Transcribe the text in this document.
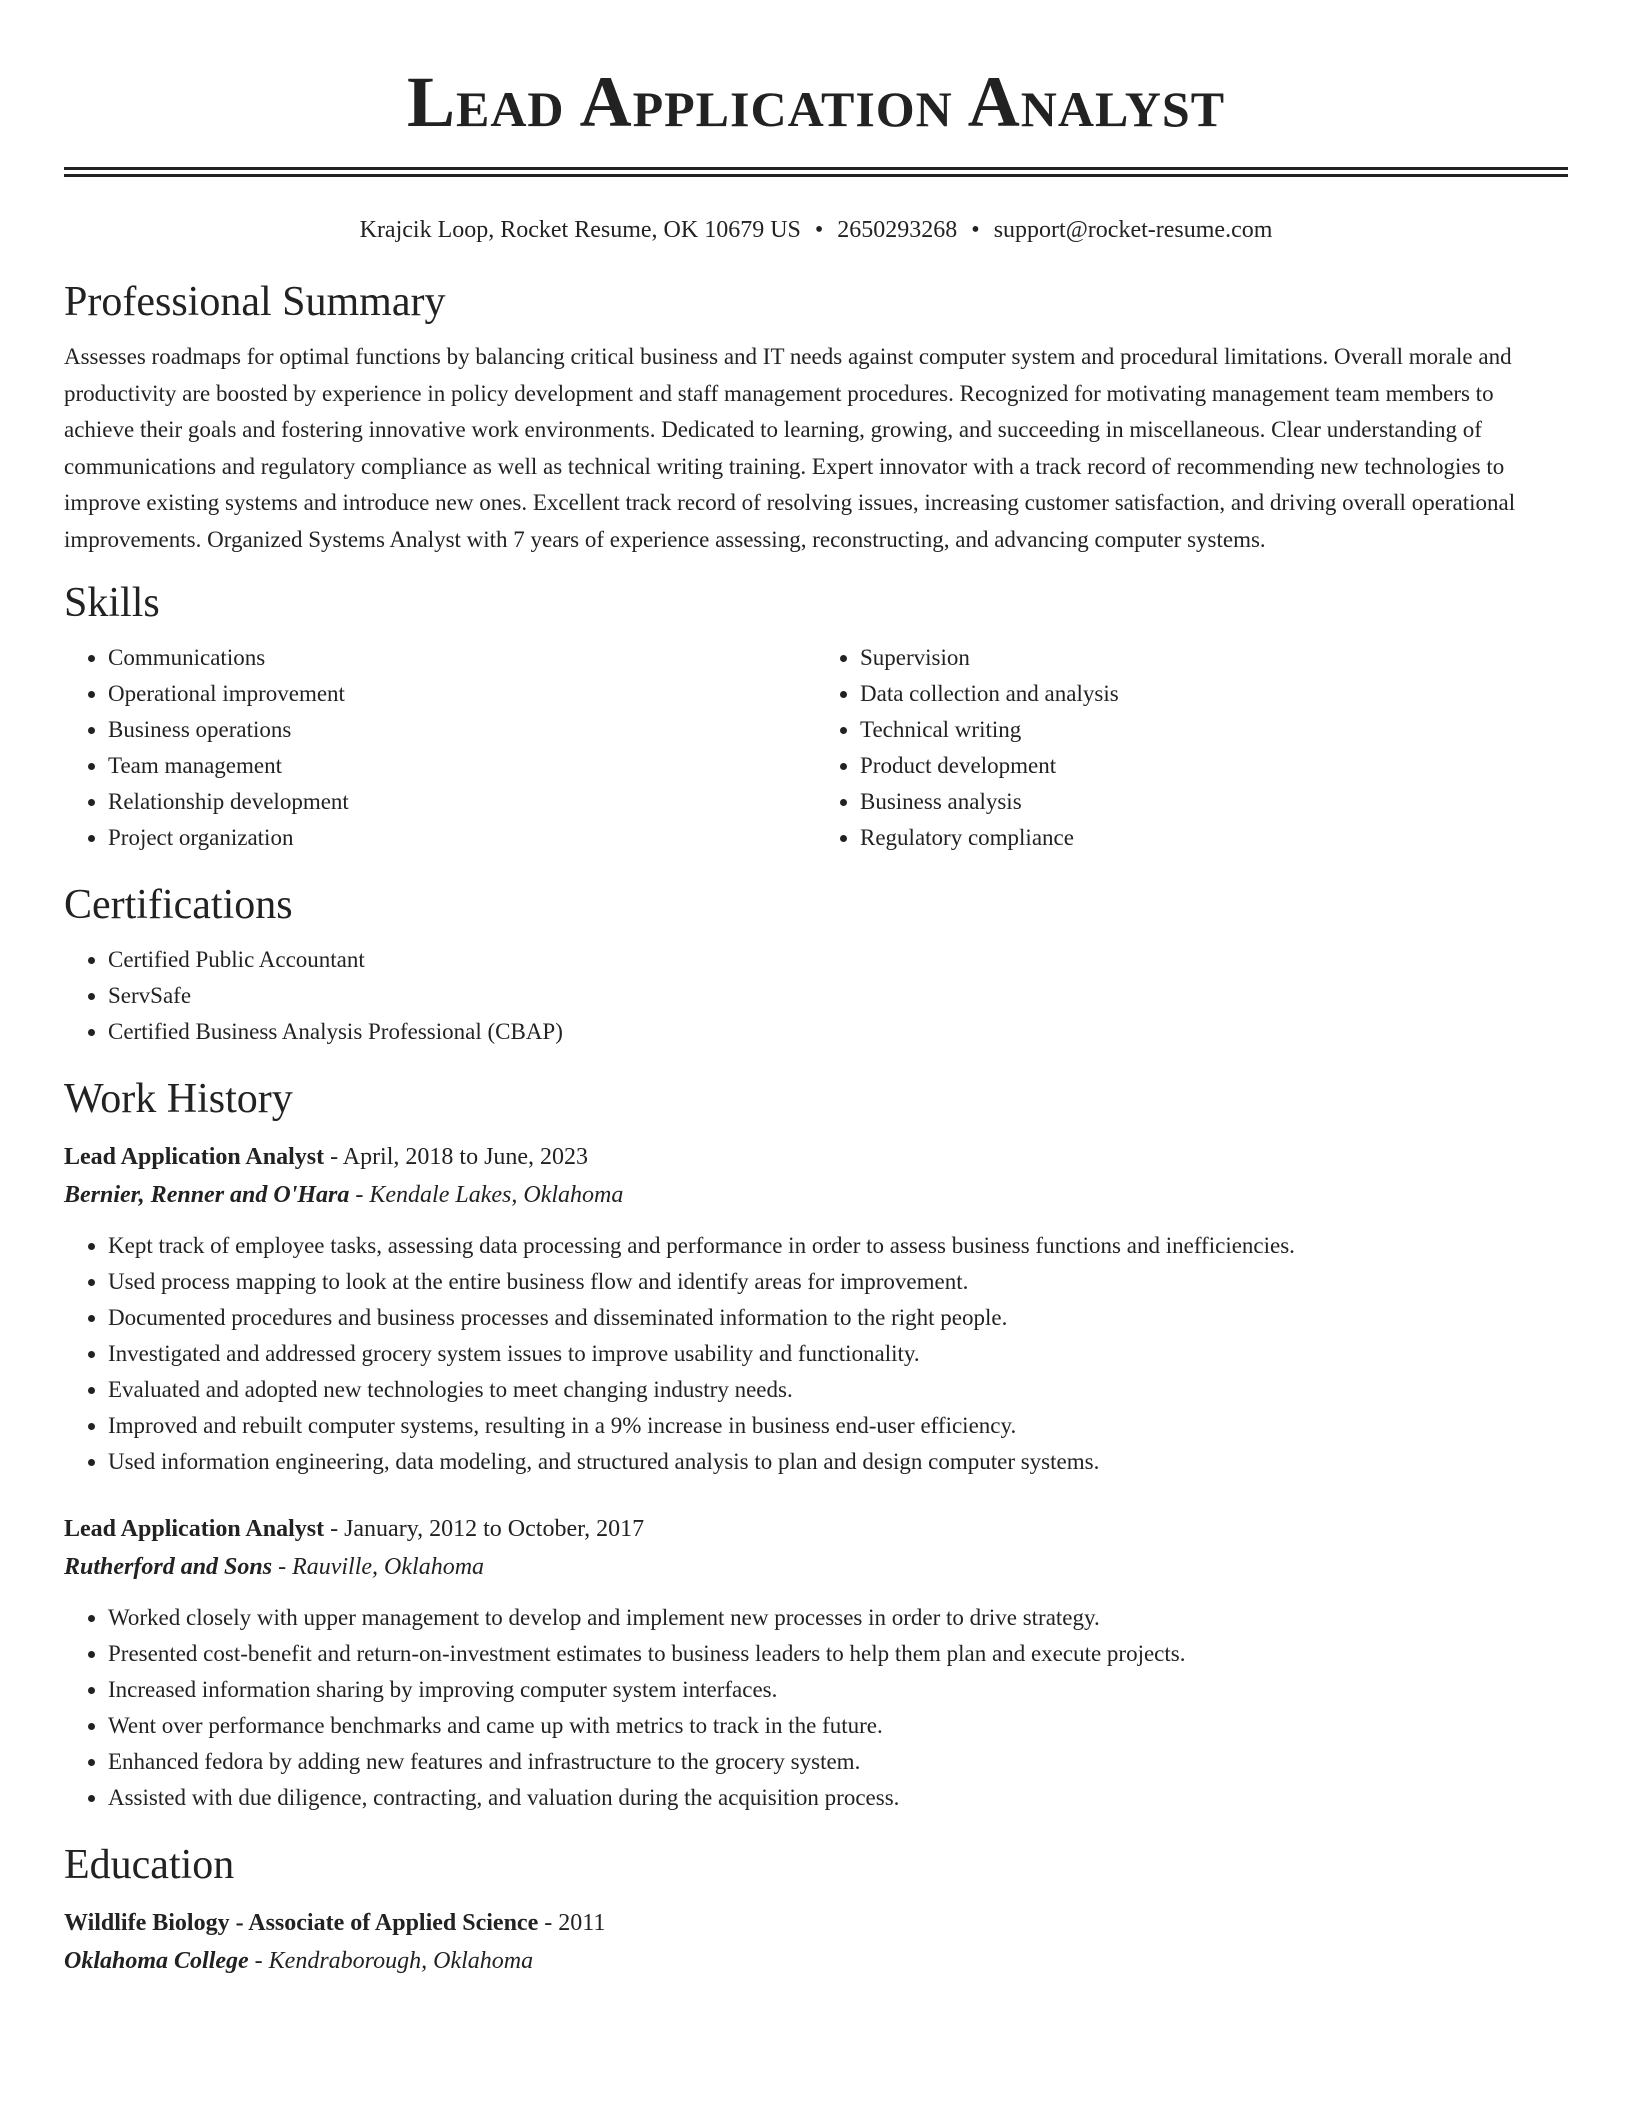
Lead Application Analyst
Krajcik Loop, Rocket Resume, OK 10679 US • 2650293268 • support@rocket-resume.com
Professional Summary

Assesses roadmaps for optimal functions by balancing critical business and IT needs against computer system and procedural limitations. Overall morale and productivity are boosted by experience in policy development and staff management procedures. Recognized for motivating management team members to achieve their goals and fostering innovative work environments. Dedicated to learning, growing, and succeeding in miscellaneous. Clear understanding of communications and regulatory compliance as well as technical writing training. Expert innovator with a track record of recommending new technologies to improve existing systems and introduce new ones. Excellent track record of resolving issues, increasing customer satisfaction, and driving overall operational improvements. Organized Systems Analyst with 7 years of experience assessing, reconstructing, and advancing computer systems.

Skills
• Communications
• Operational improvement
• Business operations
• Team management
• Relationship development
• Project organization
• Supervision
• Data collection and analysis
• Technical writing
• Product development
• Business analysis
• Regulatory compliance
Certifications
• Certified Public Accountant
• ServSafe
• Certified Business Analysis Professional (CBAP)
Work History
Lead Application Analyst - April, 2018 to June, 2023
Bernier, Renner and O'Hara - Kendale Lakes, Oklahoma
• Kept track of employee tasks, assessing data processing and performance in order to assess business functions and inefficiencies.
• Used process mapping to look at the entire business flow and identify areas for improvement.
• Documented procedures and business processes and disseminated information to the right people.
• Investigated and addressed grocery system issues to improve usability and functionality.
• Evaluated and adopted new technologies to meet changing industry needs.
• Improved and rebuilt computer systems, resulting in a 9% increase in business end-user efficiency.
• Used information engineering, data modeling, and structured analysis to plan and design computer systems.
Lead Application Analyst - January, 2012 to October, 2017
Rutherford and Sons - Rauville, Oklahoma
• Worked closely with upper management to develop and implement new processes in order to drive strategy.
• Presented cost-benefit and return-on-investment estimates to business leaders to help them plan and execute projects.
• Increased information sharing by improving computer system interfaces.
• Went over performance benchmarks and came up with metrics to track in the future.
• Enhanced fedora by adding new features and infrastructure to the grocery system.
• Assisted with due diligence, contracting, and valuation during the acquisition process.
Education
Wildlife Biology - Associate of Applied Science - 2011
Oklahoma College - Kendraborough, Oklahoma
